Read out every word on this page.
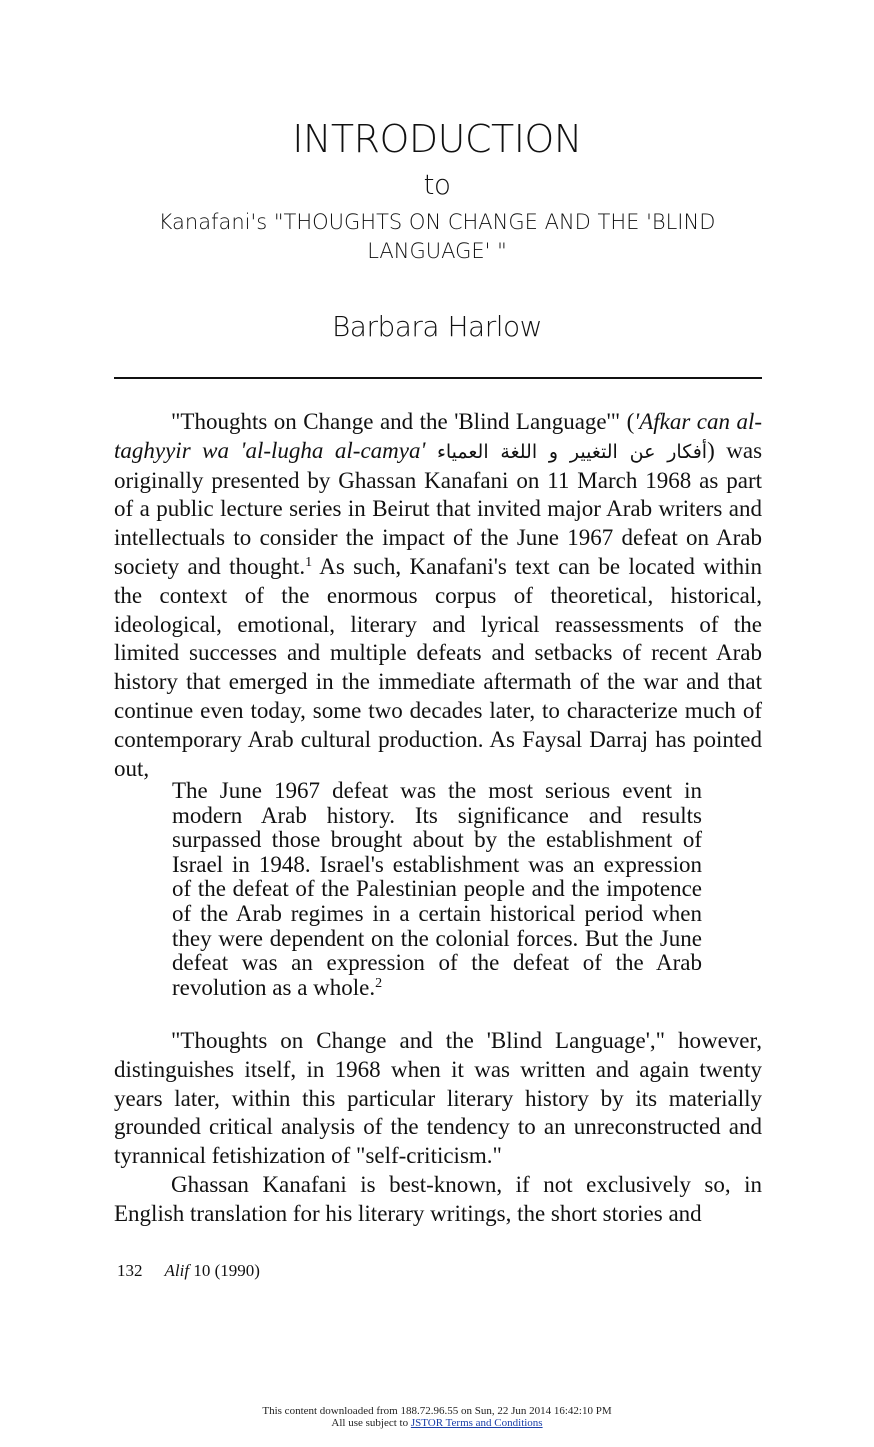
INTRODUCTION
to
Kanafani's "THOUGHTS ON CHANGE AND THE 'BLIND LANGUAGE' "
Barbara Harlow

"Thoughts on Change and the 'Blind Language'" ('Afkar can al-taghyyir wa 'al-lugha al-camya' أفكار عن التغيير و اللغة العمياء) was originally presented by Ghassan Kanafani on 11 March 1968 as part of a public lecture series in Beirut that invited major Arab writers and intellectuals to consider the impact of the June 1967 defeat on Arab society and thought.$^1$ As such, Kanafani's text can be located within the context of the enormous corpus of theoretical, historical, ideological, emotional, literary and lyrical reassessments of the limited successes and multiple defeats and setbacks of recent Arab history that emerged in the immediate aftermath of the war and that continue even today, some two decades later, to characterize much of contemporary Arab cultural production. As Faysal Darraj has pointed out,

The June 1967 defeat was the most serious event in modern Arab history. Its significance and results surpassed those brought about by the establishment of Israel in 1948. Israel's establishment was an expression of the defeat of the Palestinian people and the impotence of the Arab regimes in a certain historical period when they were dependent on the colonial forces. But the June defeat was an expression of the defeat of the Arab revolution as a whole.$^2$

"Thoughts on Change and the 'Blind Language'," however, distinguishes itself, in 1968 when it was written and again twenty years later, within this particular literary history by its materially grounded critical analysis of the tendency to an unreconstructed and tyrannical fetishization of "self-criticism."

Ghassan Kanafani is best-known, if not exclusively so, in English translation for his literary writings, the short stories and

132 Alif 10 (1990)
This content downloaded from 188.72.96.55 on Sun, 22 Jun 2014 16:42:10 PM
All use subject to JSTOR Terms and Conditions
